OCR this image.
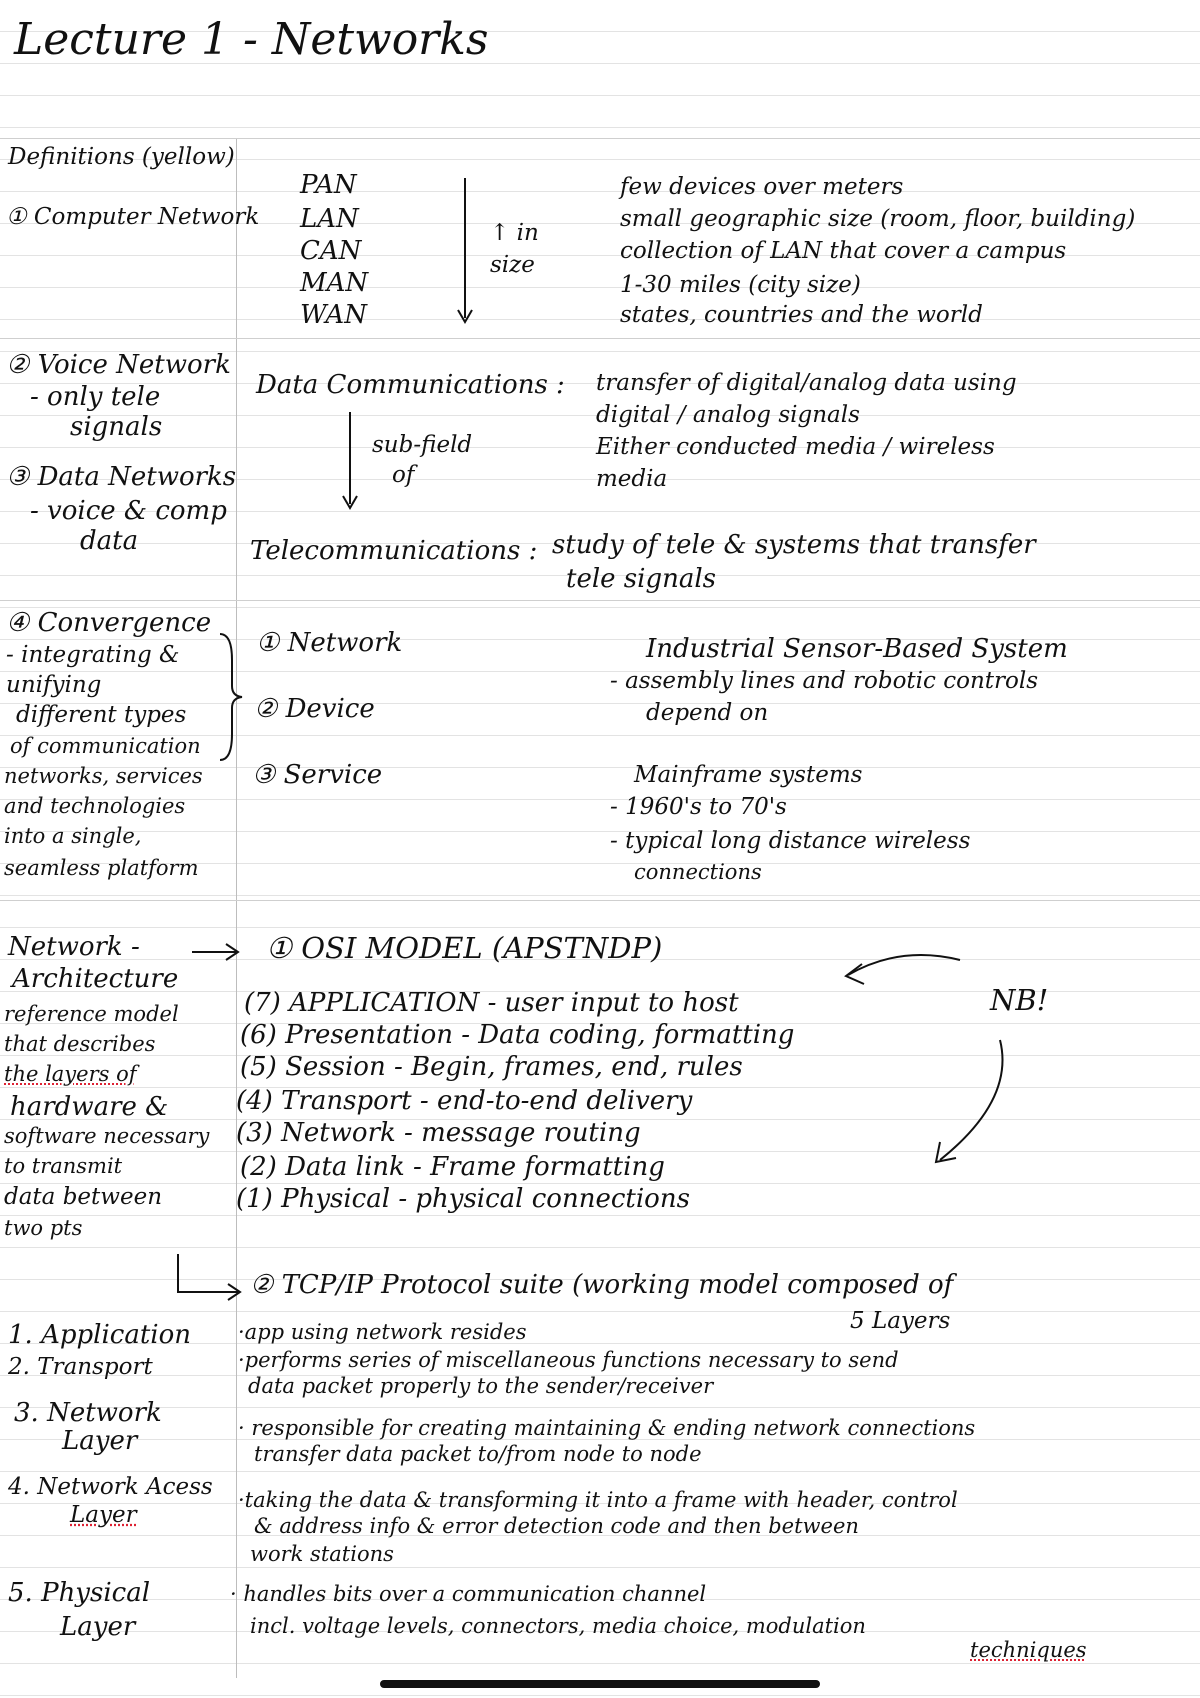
Lecture 1 - Networks
Definitions (yellow)
① Computer Network
PAN
LAN
CAN
MAN
WAN
↑ in
size
few devices over meters
small geographic size (room, floor, building)
collection of LAN that cover a campus
1-30 miles (city size)
states, countries and the world
② Voice Network
- only tele
signals
③ Data Networks
- voice & comp
data
Data Communications : transfer of digital/analog data using
digital / analog signals
Either conducted media / wireless
media
sub-field
of
Telecommunications : study of tele & systems that transfer
tele signals
④ Convergence
- integrating &
unifying
different types
of communication
networks, services
and technologies
into a single,
seamless platform
① Network
② Device
③ Service
Industrial Sensor-Based System
- assembly lines and robotic controls
depend on
Mainframe systems
- 1960's to 70's
- typical long distance wireless
connections
Network -
Architecture
reference model
that describes
the layers of
hardware &
software necessary
to transmit
data between
two pts
① OSI MODEL (APSTNDP)
NB!
(7) APPLICATION - user input to host
(6) Presentation - Data coding, formatting
(5) Session - Begin, frames, end, rules
(4) Transport - end-to-end delivery
(3) Network - message routing
(2) Data link - Frame formatting
(1) Physical - physical connections
② TCP/IP Protocol suite (working model composed of
5 Layers
1. Application
2. Transport
3. Network
Layer
4. Network Acess
Layer
5. Physical
Layer
·app using network resides
·performs series of miscellaneous functions necessary to send
data packet properly to the sender/receiver
· responsible for creating maintaining & ending network connections
transfer data packet to/from node to node
·taking the data & transforming it into a frame with header, control
& address info & error detection code and then between
work stations
· handles bits over a communication channel
incl. voltage levels, connectors, media choice, modulation
techniques
